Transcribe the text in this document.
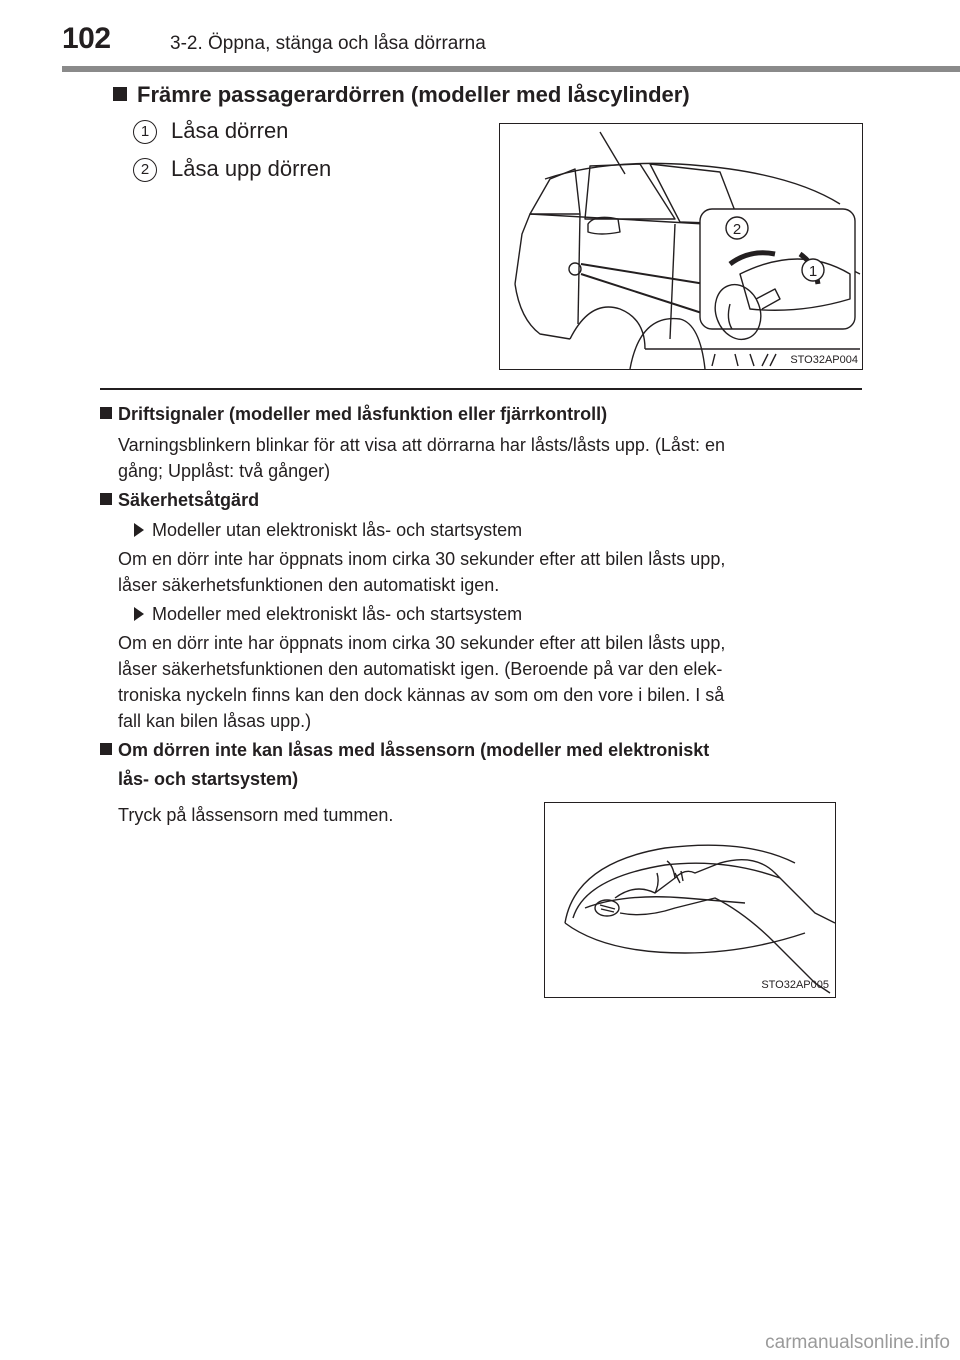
102	3-2. Öppna, stänga och låsa dörrarna
Främre passagerardörren (modeller med låscylinder)
1 Låsa dörren
2 Låsa upp dörren
2
1
STO32AP004
Driftsignaler (modeller med låsfunktion eller fjärrkontroll)
Varningsblinkern blinkar för att visa att dörrarna har låsts/låsts upp. (Låst: en
gång; Upplåst: två gånger)
Säkerhetsåtgärd
Modeller utan elektroniskt lås- och startsystem
Om en dörr inte har öppnats inom cirka 30 sekunder efter att bilen låsts upp,
låser säkerhetsfunktionen den automatiskt igen.
Modeller med elektroniskt lås- och startsystem
Om en dörr inte har öppnats inom cirka 30 sekunder efter att bilen låsts upp,
låser säkerhetsfunktionen den automatiskt igen. (Beroende på var den elek-
troniska nyckeln finns kan den dock kännas av som om den vore i bilen. I så
fall kan bilen låsas upp.)
Om dörren inte kan låsas med låssensorn (modeller med elektroniskt
lås- och startsystem)
Tryck på låssensorn med tummen.
STO32AP005
carmanualsonline.info
